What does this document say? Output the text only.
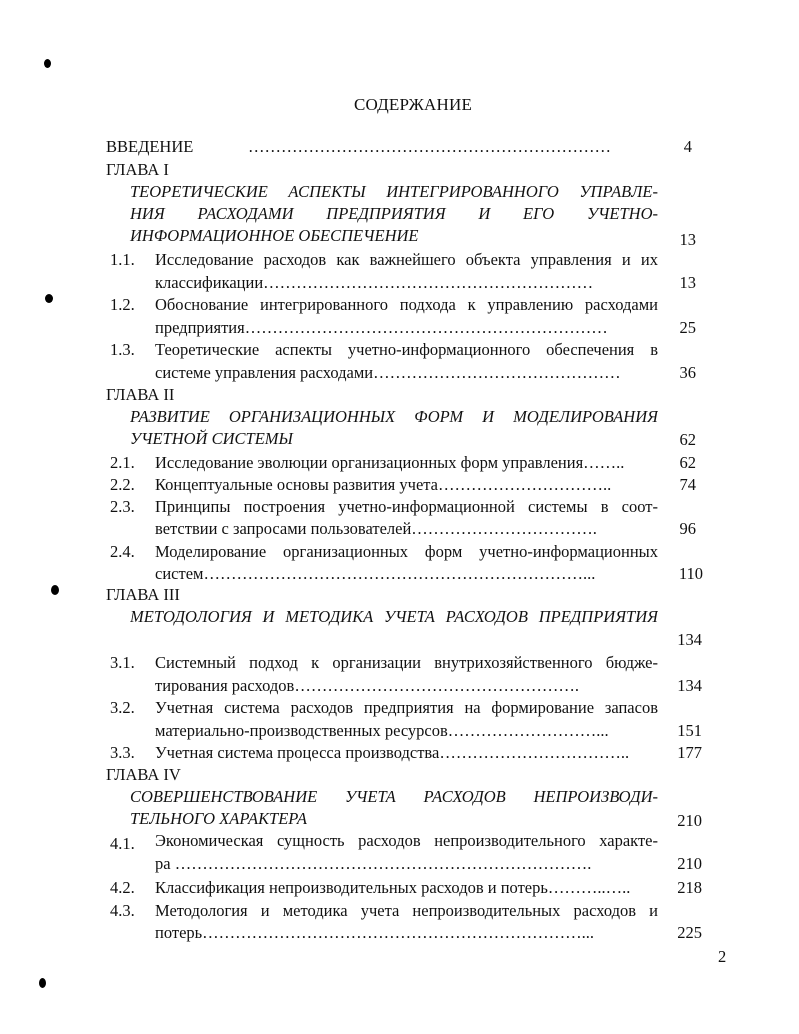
СОДЕРЖАНИЕ
ВВЕДЕНИЕ	…………………………………………………………	4
ГЛАВА I
ТЕОРЕТИЧЕСКИЕ АСПЕКТЫ ИНТЕГРИРОВАННОГО УПРАВЛЕ-
НИЯ РАСХОДАМИ ПРЕДПРИЯТИЯ И ЕГО УЧЕТНО-
ИНФОРМАЦИОННОЕ ОБЕСПЕЧЕНИЕ	13
1.1. Исследование расходов как важнейшего объекта управления и их
классификации……………………………………………………	13
1.2. Обоснование интегрированного подхода к управлению расходами
предприятия…………………………………………………………	25
1.3. Теоретические аспекты учетно-информационного обеспечения в
системе управления расходами………………………………………	36
ГЛАВА II
РАЗВИТИЕ ОРГАНИЗАЦИОННЫХ ФОРМ И МОДЕЛИРОВАНИЯ
УЧЕТНОЙ СИСТЕМЫ	62
2.1. Исследование эволюции организационных форм управления……..	62
2.2. Концептуальные основы развития учета…………………………..	74
2.3. Принципы построения учетно-информационной системы в соот-
ветствии с запросами пользователей…………………………….	96
2.4. Моделирование организационных форм учетно-информационных
систем……………………………………………………………...	110
ГЛАВА III
МЕТОДОЛОГИЯ И МЕТОДИКА УЧЕТА РАСХОДОВ ПРЕДПРИЯТИЯ
134
3.1. Системный подход к организации внутрихозяйственного бюдже-
тирования расходов…………………………………………….	134
3.2. Учетная система расходов предприятия на формирование запасов
материально-производственных ресурсов………………………...	151
3.3. Учетная система процесса производства……………………………..	177
ГЛАВА IV
СОВЕРШЕНСТВОВАНИЕ УЧЕТА РАСХОДОВ НЕПРОИЗВОДИ-
ТЕЛЬНОГО ХАРАКТЕРА	210
4.1. Экономическая сущность расходов непроизводительного характе-
ра ………………………………………………………………….	210
4.2. Классификация непроизводительных расходов и потерь………..…..	218
4.3. Методология и методика учета непроизводительных расходов и
потерь……………………………………………………………...	225
2
